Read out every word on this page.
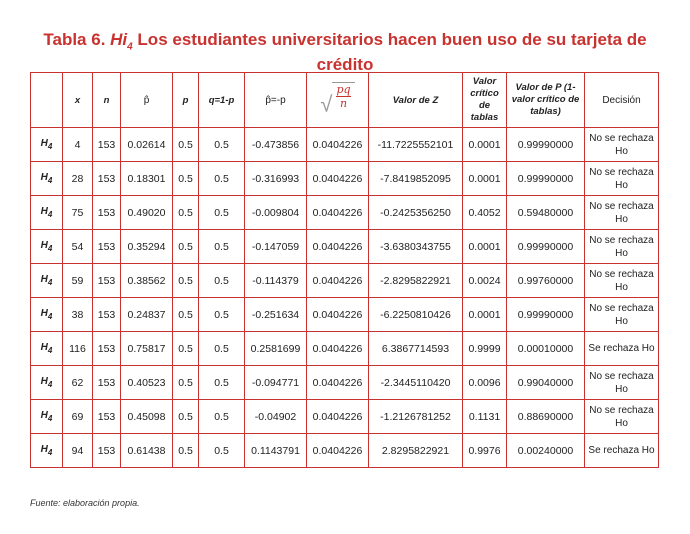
Tabla 6. $Hi_4$ Los estudiantes universitarios hacen buen uso de su tarjeta de crédito
	x	n	p̂	p	q=1-p	p̂=-p	√ $\frac{pq}{n}$	Valor de Z	Valor crítico de tablas	Valor de P (1-valor crítico de tablas)	Decisión
$H_4$	4	153	0.02614	0.5	0.5	-0.473856	0.0404226	-11.7225552101	0.0001	0.99990000	No se rechaza Ho
$H_4$	28	153	0.18301	0.5	0.5	-0.316993	0.0404226	-7.8419852095	0.0001	0.99990000	No se rechaza Ho
$H_4$	75	153	0.49020	0.5	0.5	-0.009804	0.0404226	-0.2425356250	0.4052	0.59480000	No se rechaza Ho
$H_4$	54	153	0.35294	0.5	0.5	-0.147059	0.0404226	-3.6380343755	0.0001	0.99990000	No se rechaza Ho
$H_4$	59	153	0.38562	0.5	0.5	-0.114379	0.0404226	-2.8295822921	0.0024	0.99760000	No se rechaza Ho
$H_4$	38	153	0.24837	0.5	0.5	-0.251634	0.0404226	-6.2250810426	0.0001	0.99990000	No se rechaza Ho
$H_4$	116	153	0.75817	0.5	0.5	0.2581699	0.0404226	6.3867714593	0.9999	0.00010000	Se rechaza Ho
$H_4$	62	153	0.40523	0.5	0.5	-0.094771	0.0404226	-2.3445110420	0.0096	0.99040000	No se rechaza Ho
$H_4$	69	153	0.45098	0.5	0.5	-0.04902	0.0404226	-1.2126781252	0.1131	0.88690000	No se rechaza Ho
$H_4$	94	153	0.61438	0.5	0.5	0.1143791	0.0404226	2.8295822921	0.9976	0.00240000	Se rechaza Ho
Fuente: elaboración propia.
